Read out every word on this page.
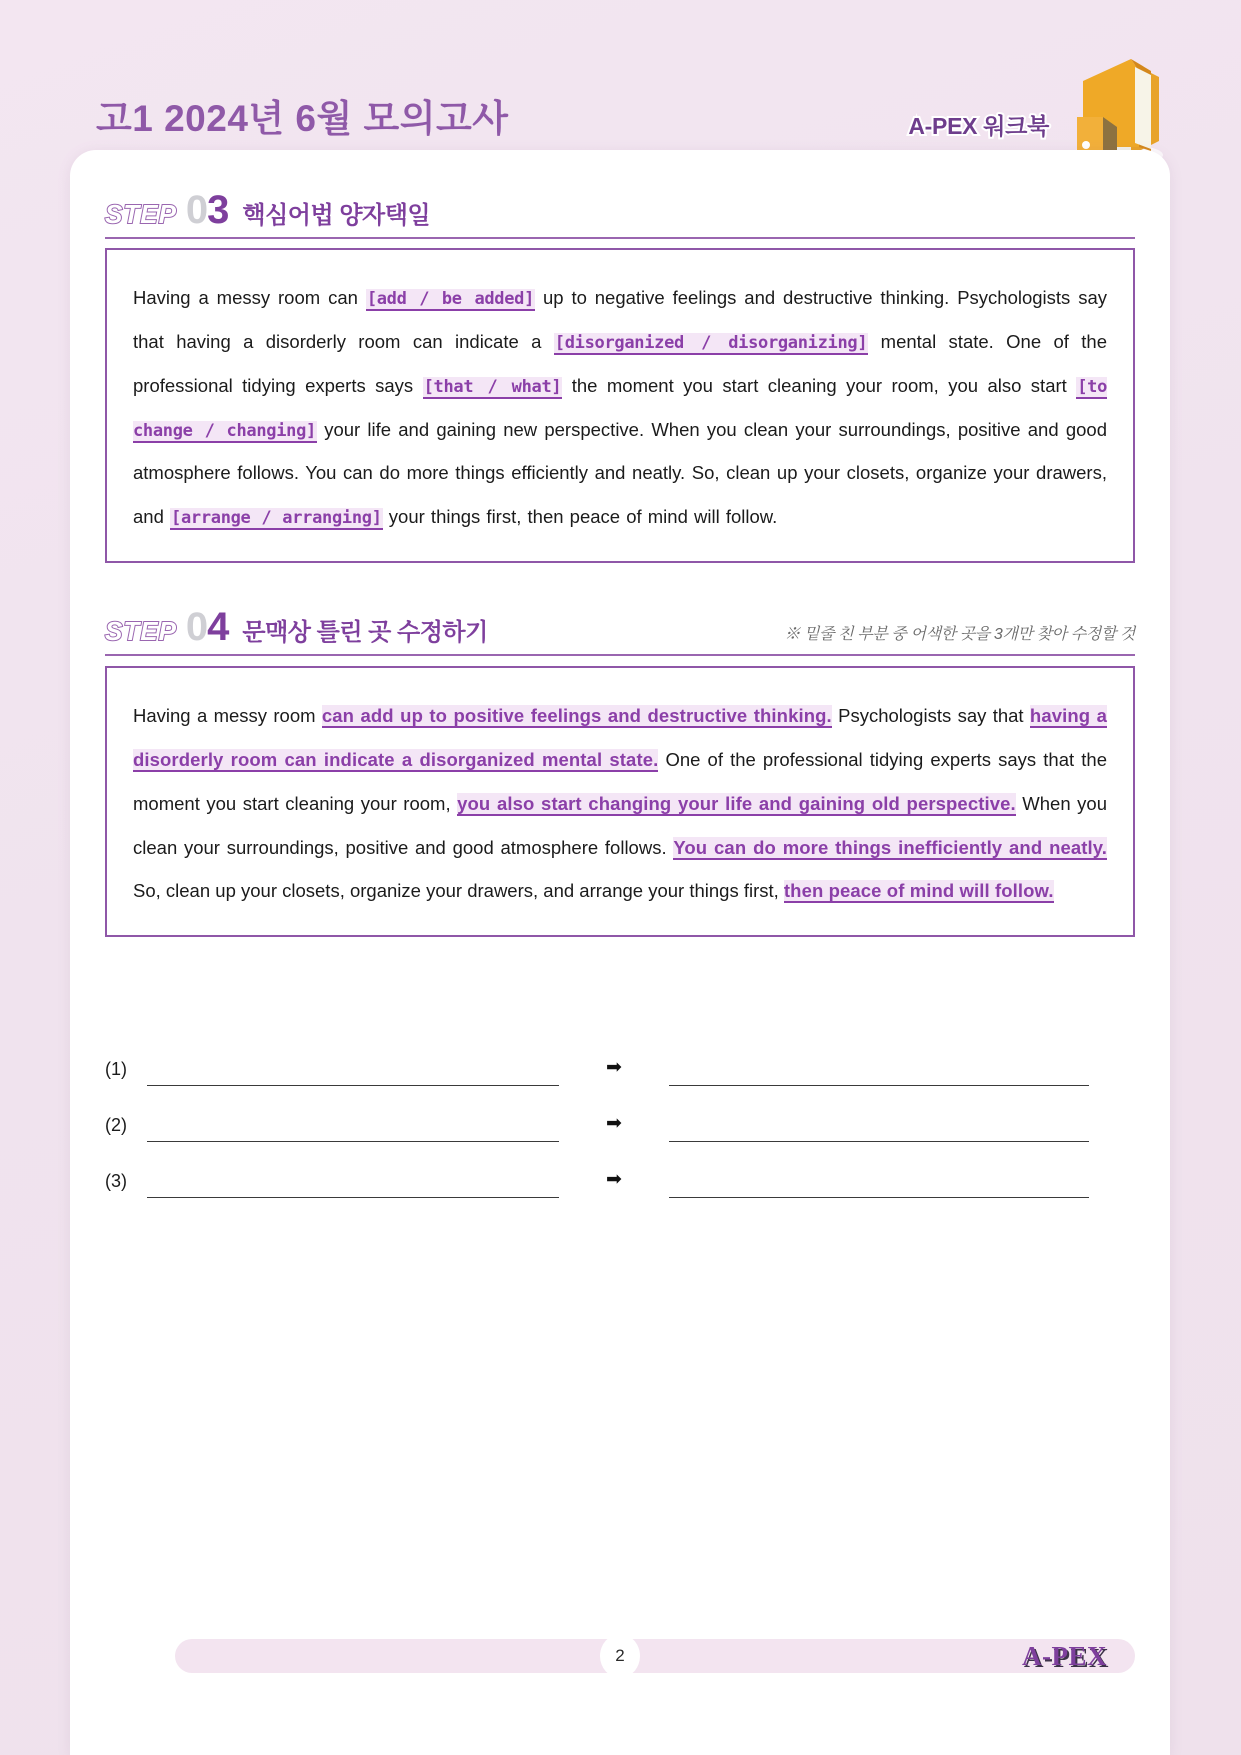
고1 2024년 6월 모의고사	A-PEX 워크북
STEP 03 핵심어법 양자택일
Having a messy room can [add / be added] up to negative feelings and destructive thinking. Psychologists say that having a disorderly room can indicate a [disorganized / disorganizing] mental state. One of the professional tidying experts says [that / what] the moment you start cleaning your room, you also start [to change / changing] your life and gaining new perspective. When you clean your surroundings, positive and good atmosphere follows. You can do more things efficiently and neatly. So, clean up your closets, organize your drawers, and [arrange / arranging] your things first, then peace of mind will follow.
STEP 04 문맥상 틀린 곳 수정하기	※ 밑줄 친 부분 중 어색한 곳을 3개만 찾아 수정할 것
Having a messy room can add up to positive feelings and destructive thinking. Psychologists say that having a disorderly room can indicate a disorganized mental state. One of the professional tidying experts says that the moment you start cleaning your room, you also start changing your life and gaining old perspective. When you clean your surroundings, positive and good atmosphere follows. You can do more things inefficiently and neatly. So, clean up your closets, organize your drawers, and arrange your things first, then peace of mind will follow.
(1)	➡
(2)	➡
(3)	➡
2	A-PEX
